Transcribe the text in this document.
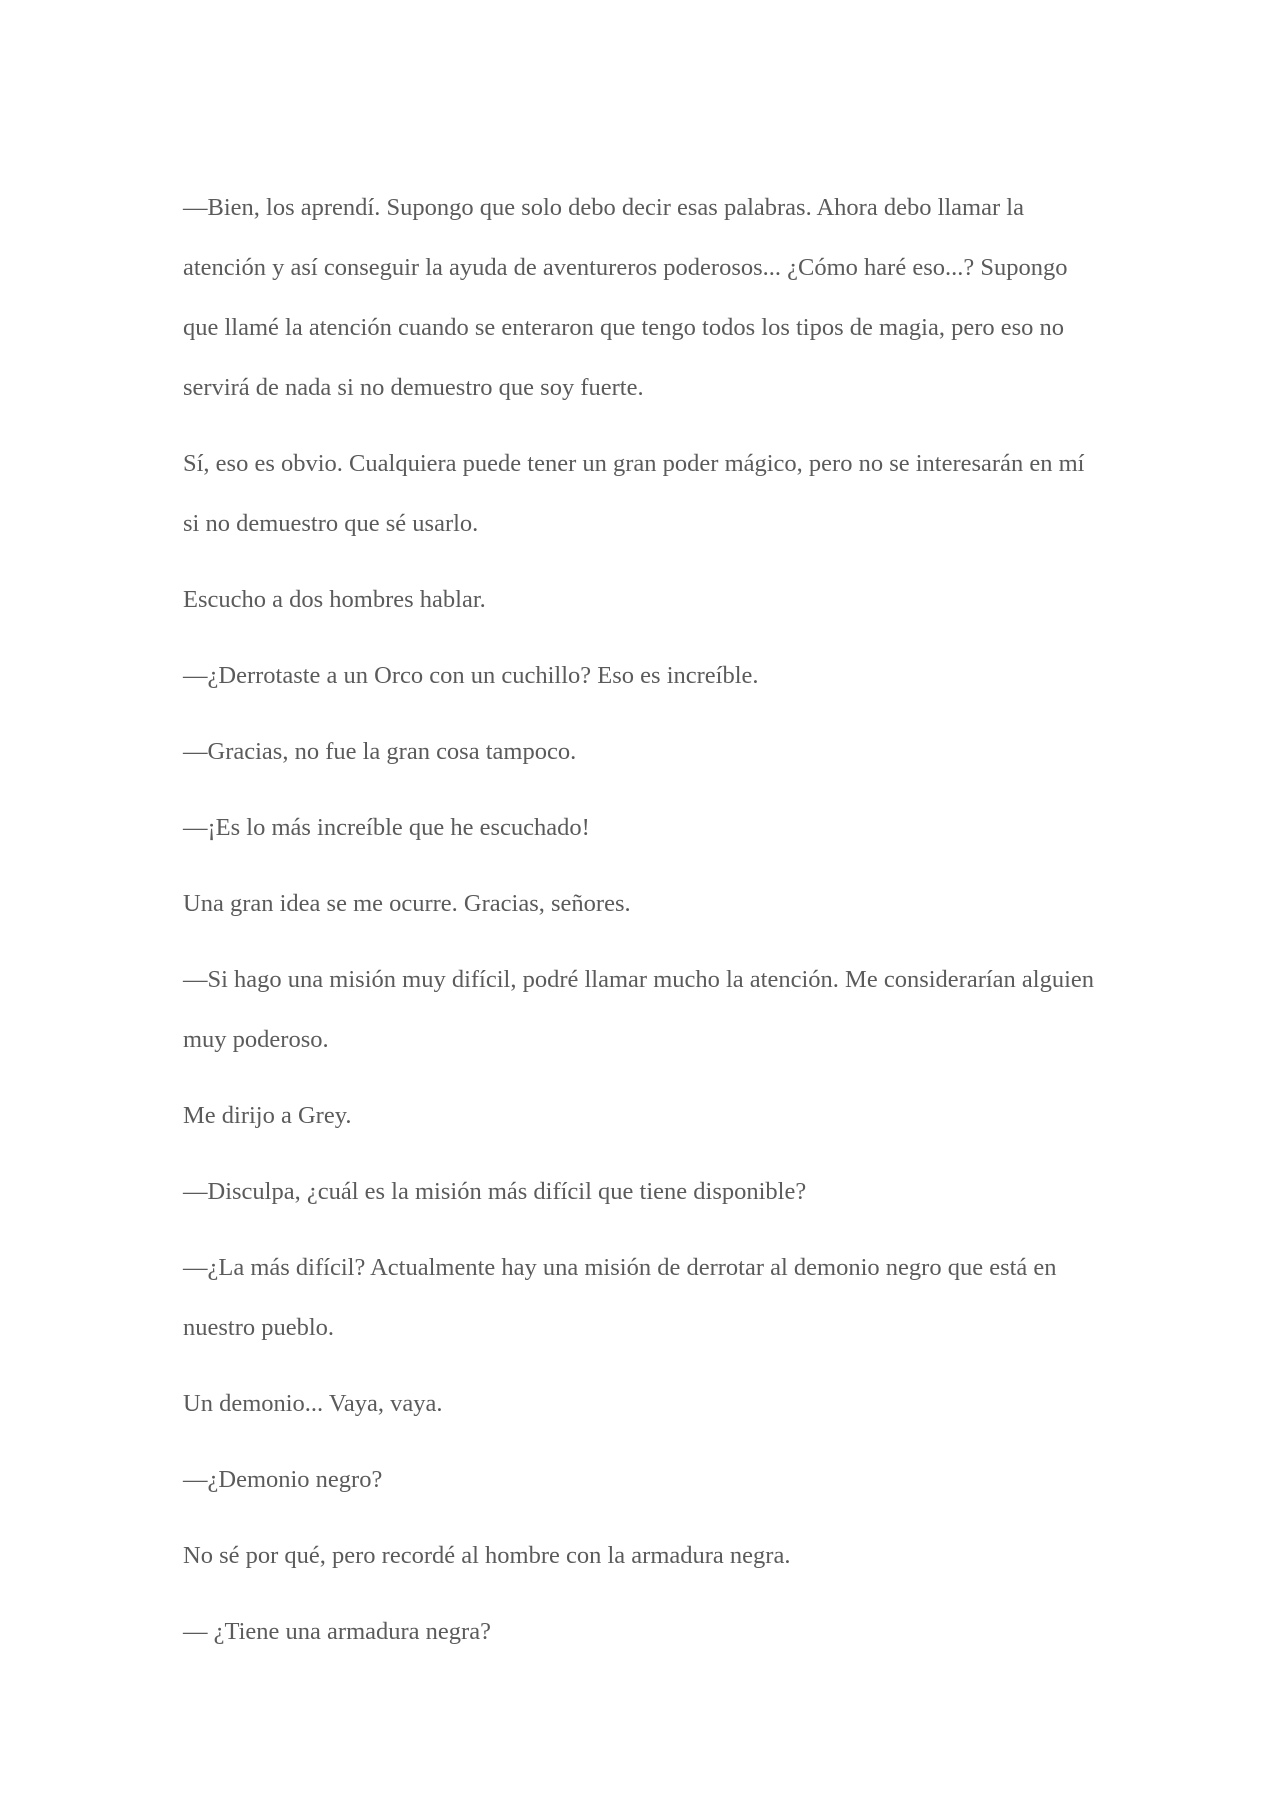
—Bien, los aprendí. Supongo que solo debo decir esas palabras. Ahora debo llamar la atención y así conseguir la ayuda de aventureros poderosos... ¿Cómo haré eso...? Supongo que llamé la atención cuando se enteraron que tengo todos los tipos de magia, pero eso no servirá de nada si no demuestro que soy fuerte.

Sí, eso es obvio. Cualquiera puede tener un gran poder mágico, pero no se interesarán en mí si no demuestro que sé usarlo.

Escucho a dos hombres hablar.

—¿Derrotaste a un Orco con un cuchillo? Eso es increíble.

—Gracias, no fue la gran cosa tampoco.

—¡Es lo más increíble que he escuchado!

Una gran idea se me ocurre. Gracias, señores.

—Si hago una misión muy difícil, podré llamar mucho la atención. Me considerarían alguien muy poderoso.

Me dirijo a Grey.

—Disculpa, ¿cuál es la misión más difícil que tiene disponible?

—¿La más difícil? Actualmente hay una misión de derrotar al demonio negro que está en nuestro pueblo.

Un demonio... Vaya, vaya.

—¿Demonio negro?

No sé por qué, pero recordé al hombre con la armadura negra.

— ¿Tiene una armadura negra?
